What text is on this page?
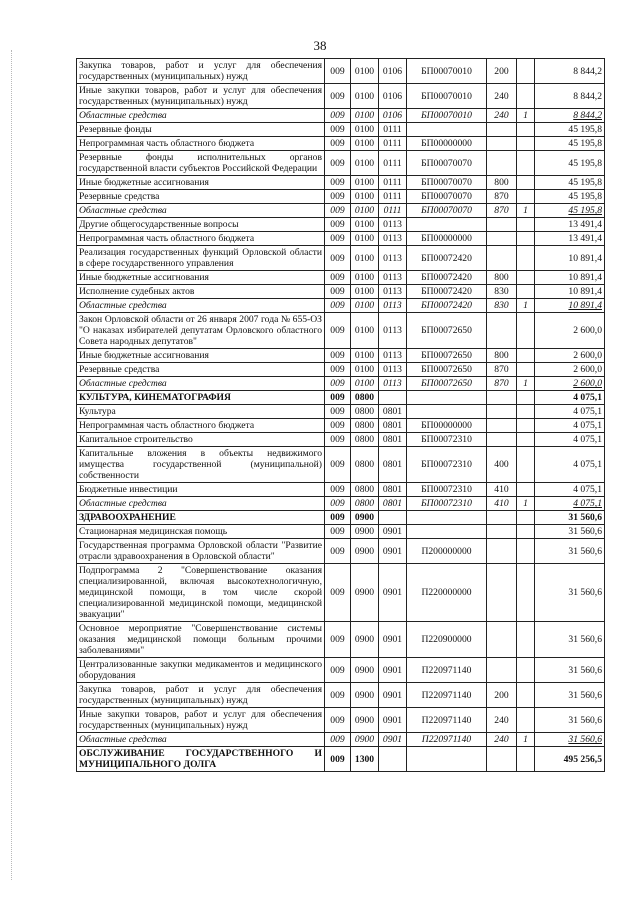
38
Закупка товаров, работ и услуг для обеспечения государственных (муниципальных) нужд	009	0100	0106	БП00070010	200		8 844,2
Иные закупки товаров, работ и услуг для обеспечения государственных (муниципальных) нужд	009	0100	0106	БП00070010	240		8 844,2
Областные средства	009	0100	0106	БП00070010	240	1	8 844,2
Резервные фонды	009	0100	0111				45 195,8
Непрограммная часть областного бюджета	009	0100	0111	БП00000000			45 195,8
Резервные фонды исполнительных органов государственной власти субъектов Российской Федерации	009	0100	0111	БП00070070			45 195,8
Иные бюджетные ассигнования	009	0100	0111	БП00070070	800		45 195,8
Резервные средства	009	0100	0111	БП00070070	870		45 195,8
Областные средства	009	0100	0111	БП00070070	870	1	45 195,8
Другие общегосударственные вопросы	009	0100	0113				13 491,4
Непрограммная часть областного бюджета	009	0100	0113	БП00000000			13 491,4
Реализация государственных функций Орловской области в сфере государственного управления	009	0100	0113	БП00072420			10 891,4
Иные бюджетные ассигнования	009	0100	0113	БП00072420	800		10 891,4
Исполнение судебных актов	009	0100	0113	БП00072420	830		10 891,4
Областные средства	009	0100	0113	БП00072420	830	1	10 891,4
Закон Орловской области от 26 января 2007 года № 655-ОЗ "О наказах избирателей депутатам Орловского областного Совета народных депутатов"	009	0100	0113	БП00072650			2 600,0
Иные бюджетные ассигнования	009	0100	0113	БП00072650	800		2 600,0
Резервные средства	009	0100	0113	БП00072650	870		2 600,0
Областные средства	009	0100	0113	БП00072650	870	1	2 600,0
КУЛЬТУРА, КИНЕМАТОГРАФИЯ	009	0800					4 075,1
Культура	009	0800	0801				4 075,1
Непрограммная часть областного бюджета	009	0800	0801	БП00000000			4 075,1
Капитальное строительство	009	0800	0801	БП00072310			4 075,1
Капитальные вложения в объекты недвижимого имущества государственной (муниципальной) собственности	009	0800	0801	БП00072310	400		4 075,1
Бюджетные инвестиции	009	0800	0801	БП00072310	410		4 075,1
Областные средства	009	0800	0801	БП00072310	410	1	4 075,1
ЗДРАВООХРАНЕНИЕ	009	0900					31 560,6
Стационарная медицинская помощь	009	0900	0901				31 560,6
Государственная программа Орловской области "Развитие отрасли здравоохранения в Орловской области"	009	0900	0901	П200000000			31 560,6
Подпрограмма 2 "Совершенствование оказания специализированной, включая высокотехнологичную, медицинской помощи, в том числе скорой специализированной медицинской помощи, медицинской эвакуации"	009	0900	0901	П220000000			31 560,6
Основное мероприятие "Совершенствование системы оказания медицинской помощи больным прочими заболеваниями"	009	0900	0901	П220900000			31 560,6
Централизованные закупки медикаментов и медицинского оборудования	009	0900	0901	П220971140			31 560,6
Закупка товаров, работ и услуг для обеспечения государственных (муниципальных) нужд	009	0900	0901	П220971140	200		31 560,6
Иные закупки товаров, работ и услуг для обеспечения государственных (муниципальных) нужд	009	0900	0901	П220971140	240		31 560,6
Областные средства	009	0900	0901	П220971140	240	1	31 560,6
ОБСЛУЖИВАНИЕ ГОСУДАРСТВЕННОГО И МУНИЦИПАЛЬНОГО ДОЛГА	009	1300					495 256,5
